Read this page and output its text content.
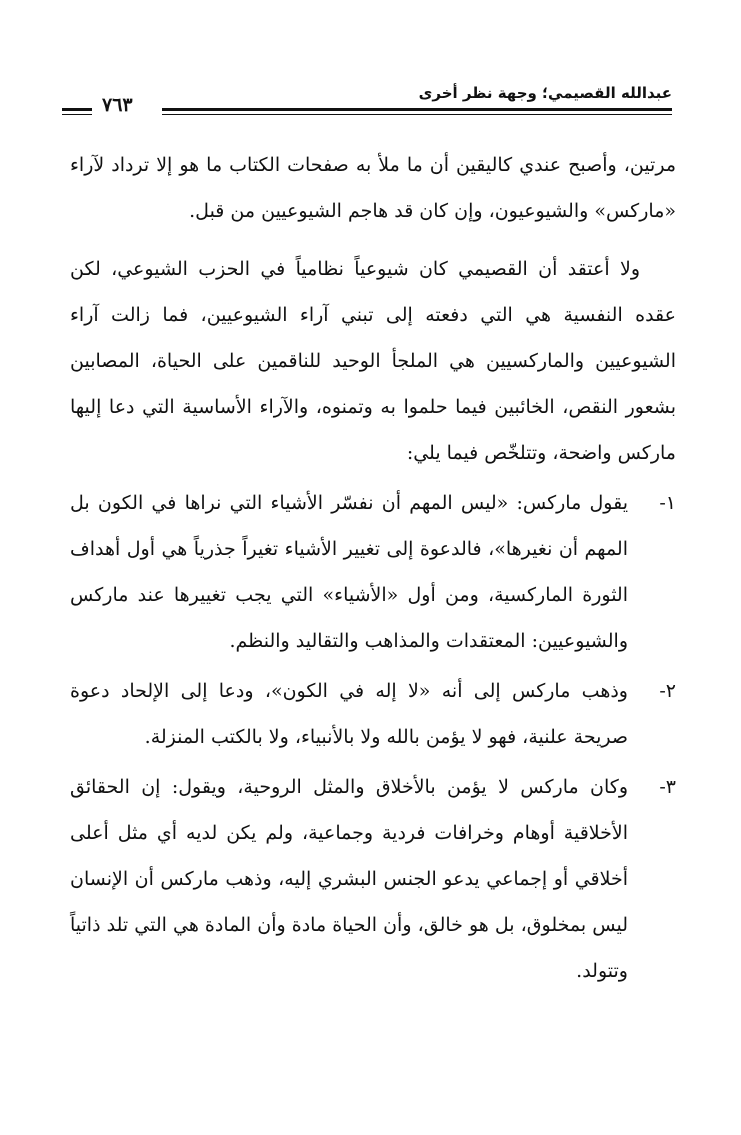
٧٦٣
عبدالله القصيمي؛ وجهة نظر أخرى

مرتين، وأصبح عندي كاليقين أن ما ملأ به صفحات الكتاب ما هو إلا ترداد لآراء «ماركس» والشيوعيون، وإن كان قد هاجم الشيوعيين من قبل.

ولا أعتقد أن القصيمي كان شيوعياً نظامياً في الحزب الشيوعي، لكن عقده النفسية هي التي دفعته إلى تبني آراء الشيوعيين، فما زالت آراء الشيوعيين والماركسيين هي الملجأ الوحيد للناقمين على الحياة، المصابين بشعور النقص، الخائبين فيما حلموا به وتمنوه، والآراء الأساسية التي دعا إليها ماركس واضحة، وتتلخّص فيما يلي:

١-
يقول ماركس: «ليس المهم أن نفسّر الأشياء التي نراها في الكون بل المهم أن نغيرها»، فالدعوة إلى تغيير الأشياء تغيراً جذرياً هي أول أهداف الثورة الماركسية، ومن أول «الأشياء» التي يجب تغييرها عند ماركس والشيوعيين: المعتقدات والمذاهب والتقاليد والنظم.
٢-
وذهب ماركس إلى أنه «لا إله في الكون»، ودعا إلى الإلحاد دعوة صريحة علنية، فهو لا يؤمن بالله ولا بالأنبياء، ولا بالكتب المنزلة.
٣-
وكان ماركس لا يؤمن بالأخلاق والمثل الروحية، ويقول: إن الحقائق الأخلاقية أوهام وخرافات فردية وجماعية، ولم يكن لديه أي مثل أعلى أخلاقي أو إجماعي يدعو الجنس البشري إليه، وذهب ماركس أن الإنسان ليس بمخلوق، بل هو خالق، وأن الحياة مادة وأن المادة هي التي تلد ذاتياً وتتولد.
